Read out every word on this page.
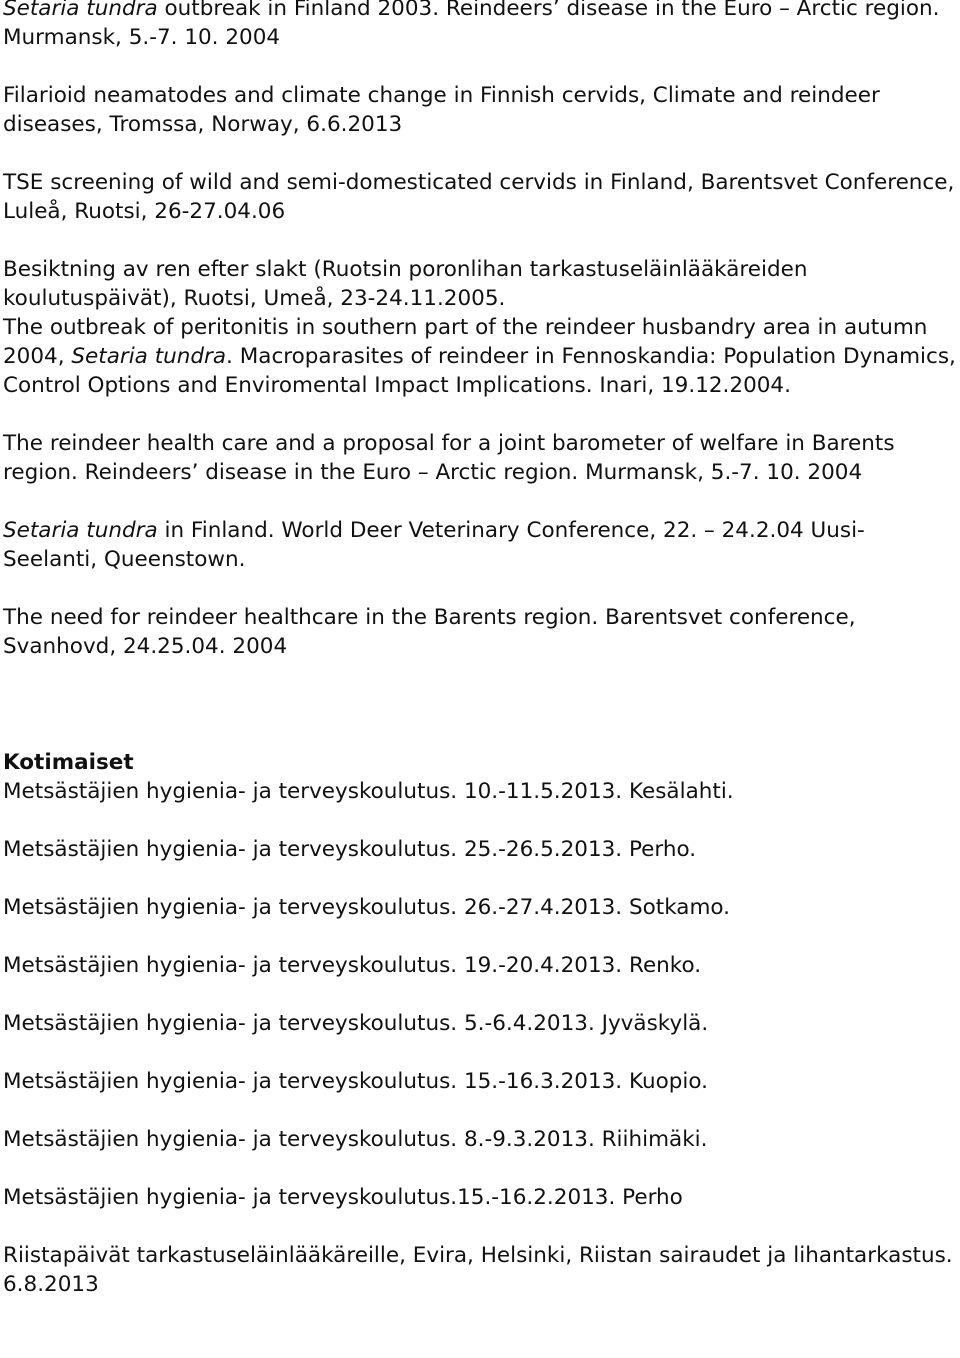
Setaria tundra outbreak in Finland 2003. Reindeers’ disease in the Euro – Arctic region. Murmansk, 5.-7. 10. 2004
Filarioid neamatodes and climate change in Finnish cervids, Climate and reindeer diseases, Tromssa, Norway, 6.6.2013
TSE screening of wild and semi-domesticated cervids in Finland, Barentsvet Conference, Luleå, Ruotsi, 26-27.04.06
Besiktning av ren efter slakt (Ruotsin poronlihan tarkastuseläinlääkäreiden koulutuspäivät), Ruotsi, Umeå, 23-24.11.2005.
The outbreak of peritonitis in southern part of the reindeer husbandry area in autumn 2004, Setaria tundra. Macroparasites of reindeer in Fennoskandia: Population Dynamics, Control Options and Enviromental Impact Implications. Inari, 19.12.2004.
The reindeer health care and a proposal for a joint barometer of welfare in Barents region. Reindeers’ disease in the Euro – Arctic region. Murmansk, 5.-7. 10. 2004
Setaria tundra in Finland. World Deer Veterinary Conference, 22. – 24.2.04 Uusi-Seelanti, Queenstown.
The need for reindeer healthcare in the Barents region. Barentsvet conference, Svanhovd, 24.25.04. 2004
Kotimaiset
Metsästäjien hygienia- ja terveyskoulutus. 10.-11.5.2013. Kesälahti.
Metsästäjien hygienia- ja terveyskoulutus. 25.-26.5.2013. Perho.
Metsästäjien hygienia- ja terveyskoulutus. 26.-27.4.2013. Sotkamo.
Metsästäjien hygienia- ja terveyskoulutus. 19.-20.4.2013. Renko.
Metsästäjien hygienia- ja terveyskoulutus. 5.-6.4.2013. Jyväskylä.
Metsästäjien hygienia- ja terveyskoulutus. 15.-16.3.2013. Kuopio.
Metsästäjien hygienia- ja terveyskoulutus. 8.-9.3.2013. Riihimäki.
Metsästäjien hygienia- ja terveyskoulutus.15.-16.2.2013. Perho
Riistapäivät tarkastuseläinlääkäreille, Evira, Helsinki, Riistan sairaudet ja lihantarkastus. 6.8.2013
